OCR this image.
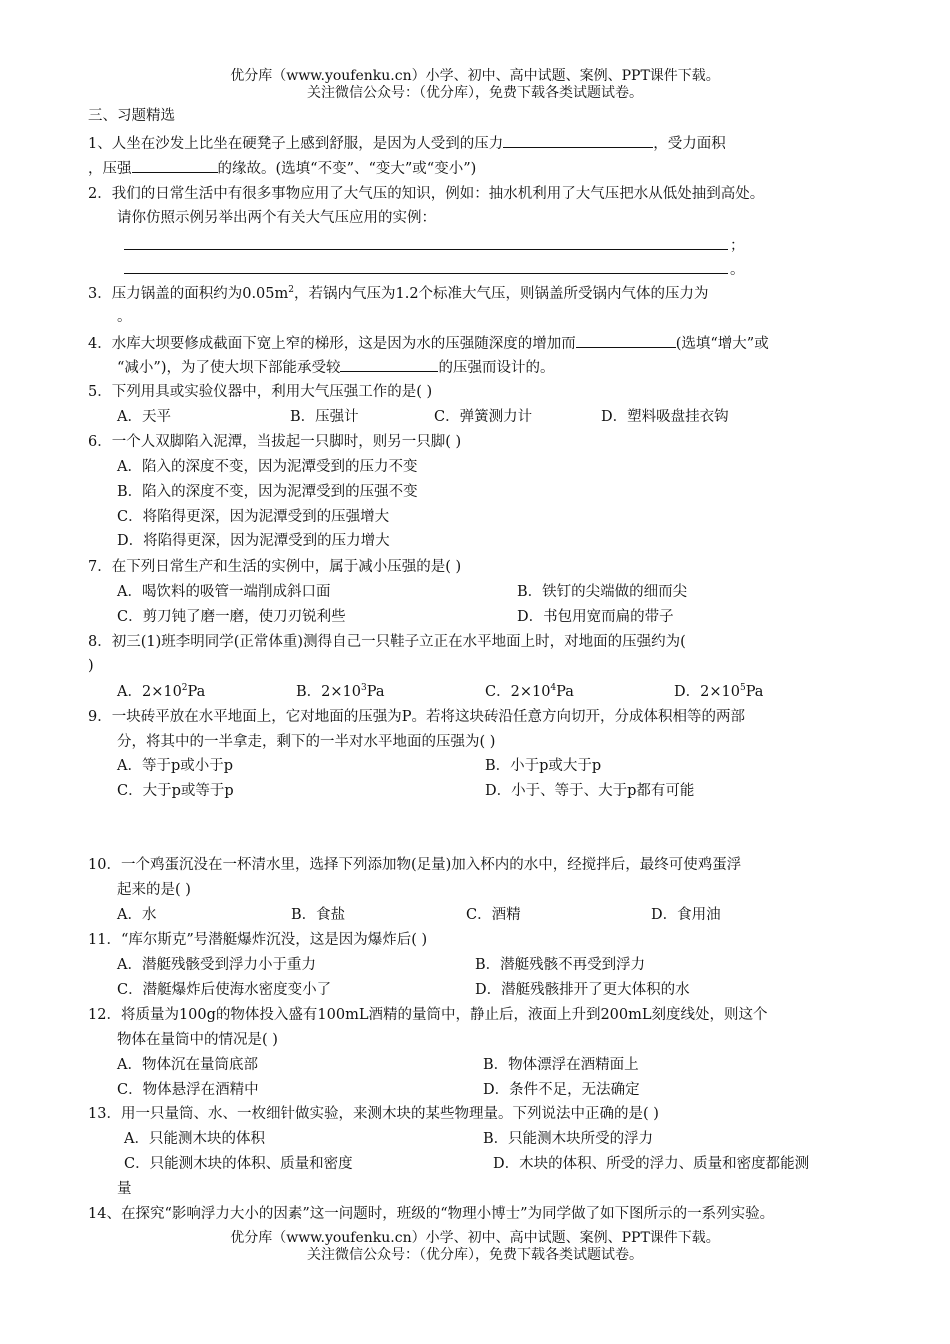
优分库（www.youfenku.cn）小学、初中、高中试题、案例、PPT课件下载。
关注微信公众号：（优分库），免费下载各类试题试卷。
三、习题精选
1、人坐在沙发上比坐在硬凳子上感到舒服，是因为人受到的压力	，受力面积
，压强	的缘故。(选填“不变”、“变大”或“变小”)
2．我们的日常生活中有很多事物应用了大气压的知识，例如：抽水机利用了大气压把水从低处抽到高处。
请你仿照示例另举出两个有关大气压应用的实例：
；
。
3．压力锅盖的面积约为$0.05m^2$，若锅内气压为1.2个标准大气压，则锅盖所受锅内气体的压力为
。
4．水库大坝要修成截面下宽上窄的梯形，这是因为水的压强随深度的增加而	(选填“增大”或
“减小”)，为了使大坝下部能承受较	的压强而设计的。
5．下列用具或实验仪器中，利用大气压强工作的是( )
A．天平	B．压强计	C．弹簧测力计	D．塑料吸盘挂衣钩
6．一个人双脚陷入泥潭，当拔起一只脚时，则另一只脚( )
A．陷入的深度不变，因为泥潭受到的压力不变
B．陷入的深度不变，因为泥潭受到的压强不变
C．将陷得更深，因为泥潭受到的压强增大
D．将陷得更深，因为泥潭受到的压力增大
7．在下列日常生产和生活的实例中，属于减小压强的是( )
A．喝饮料的吸管一端削成斜口面	B．铁钉的尖端做的细而尖
C．剪刀钝了磨一磨，使刀刃锐利些	D．书包用宽而扁的带子
8．初三(1)班李明同学(正常体重)测得自己一只鞋子立正在水平地面上时，对地面的压强约为(
)
A．$2\times 10^2Pa$	B．$2\times 10^3Pa$	C．$2\times 10^4Pa$	D．$2\times 10^5Pa$
9．一块砖平放在水平地面上，它对地面的压强为P。若将这块砖沿任意方向切开，分成体积相等的两部
分，将其中的一半拿走，剩下的一半对水平地面的压强为( )
A．等于p或小于p	B．小于p或大于p
C．大于p或等于p	D．小于、等于、大于p都有可能
10．一个鸡蛋沉没在一杯清水里，选择下列添加物(足量)加入杯内的水中，经搅拌后，最终可使鸡蛋浮
起来的是( )
A．水	B．食盐	C．酒精	D．食用油
11．“库尔斯克”号潜艇爆炸沉没，这是因为爆炸后( )
A．潜艇残骸受到浮力小于重力	B．潜艇残骸不再受到浮力
C．潜艇爆炸后使海水密度变小了	D．潜艇残骸排开了更大体积的水
12．将质量为100g的物体投入盛有100mL酒精的量筒中，静止后，液面上升到200mL刻度线处，则这个
物体在量筒中的情况是( )
A．物体沉在量筒底部	B．物体漂浮在酒精面上
C．物体悬浮在酒精中	D．条件不足，无法确定
13．用一只量筒、水、一枚细针做实验，来测木块的某些物理量。下列说法中正确的是( )
A．只能测木块的体积	B．只能测木块所受的浮力
C．只能测木块的体积、质量和密度	D．木块的体积、所受的浮力、质量和密度都能测
量
14、在探究“影响浮力大小的因素”这一问题时，班级的“物理小博士”为同学做了如下图所示的一系列实验。
优分库（www.youfenku.cn）小学、初中、高中试题、案例、PPT课件下载。
关注微信公众号：（优分库），免费下载各类试题试卷。
